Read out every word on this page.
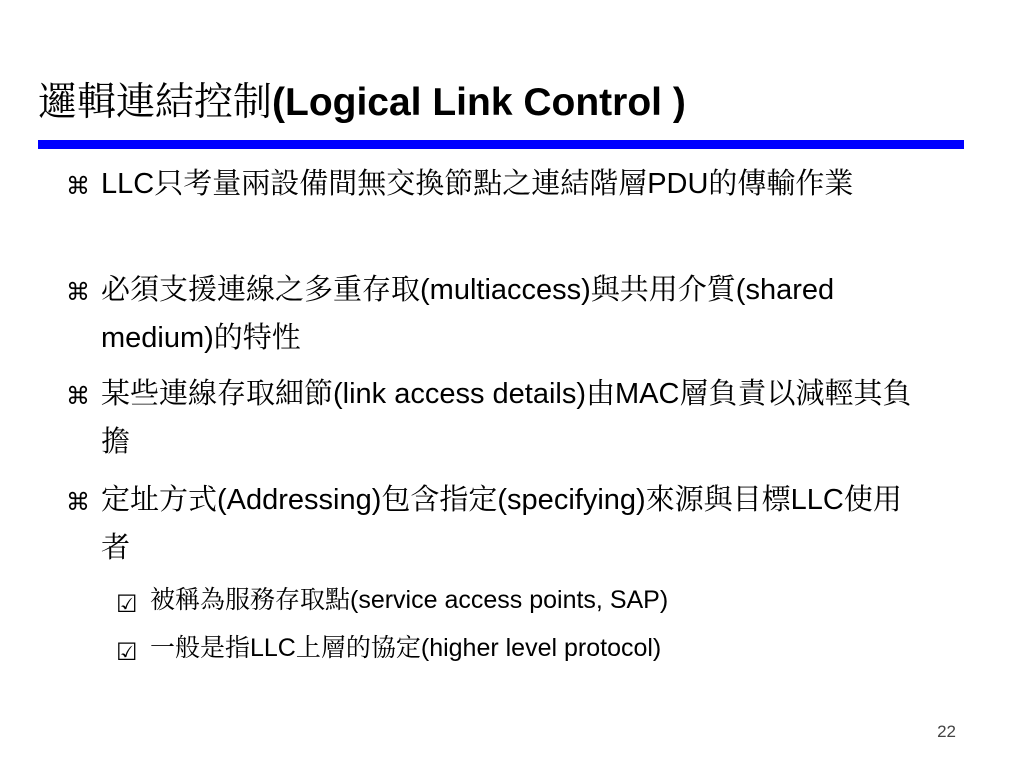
邏輯連結控制(Logical Link Control )
⌘ LLC只考量兩設備間無交換節點之連結階層PDU的傳輸作業
⌘ 必須支援連線之多重存取(multiaccess)與共用介質(shared medium)的特性
⌘ 某些連線存取細節(link access details)由MAC層負責以減輕其負擔
⌘ 定址方式(Addressing)包含指定(specifying)來源與目標LLC使用者
☑ 被稱為服務存取點(service access points, SAP)
☑ 一般是指LLC上層的協定(higher level protocol)
22
